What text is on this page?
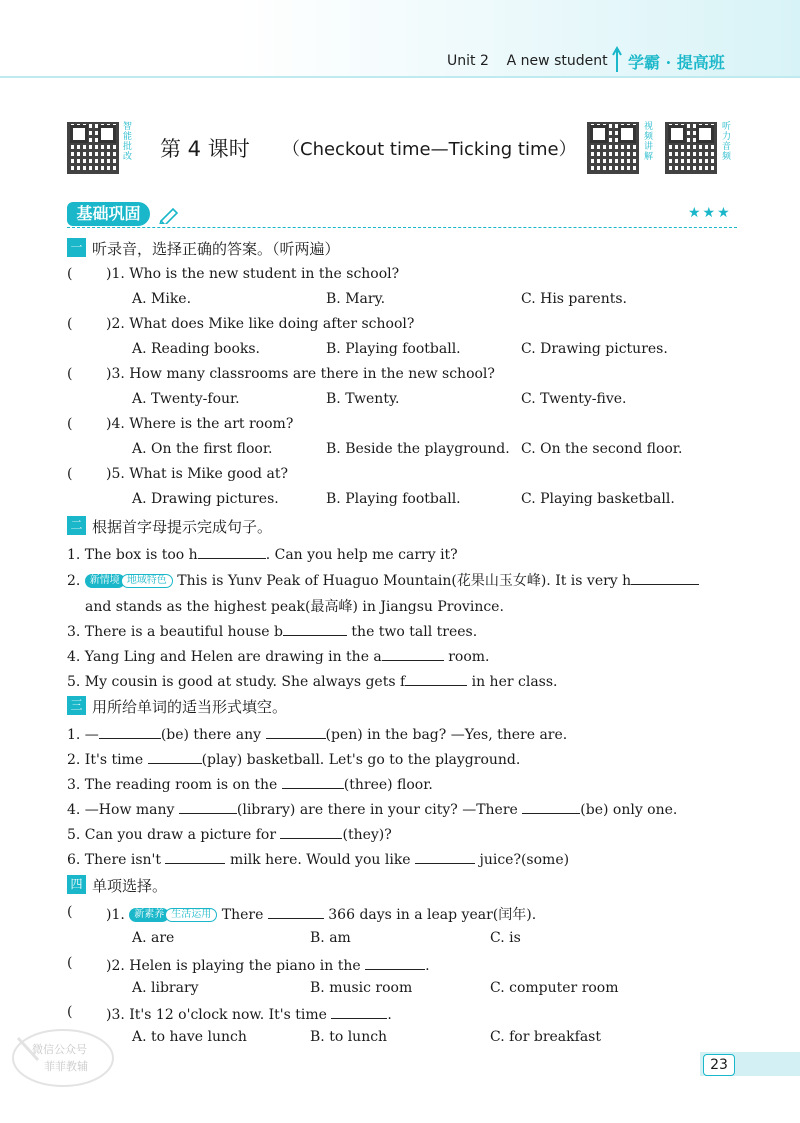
Unit 2    A new student 学霸 · 提高班
智能批改 第 4 课时 （Checkout time—Ticking time）
视频讲解
听力音频
基础巩固	★★★
一 听录音，选择正确的答案。（听两遍）
( )1. Who is the new student in the school?
A. Mike.	B. Mary.	C. His parents.
( )2. What does Mike like doing after school?
A. Reading books.	B. Playing football.	C. Drawing pictures.
( )3. How many classrooms are there in the new school?
A. Twenty-four.	B. Twenty.	C. Twenty-five.
( )4. Where is the art room?
A. On the first floor.	B. Beside the playground. C. On the second floor.
( )5. What is Mike good at?
A. Drawing pictures.	B. Playing football.	C. Playing basketball.
二 根据首字母提示完成句子。
1. The box is too h	. Can you help me carry it?
2. 新情境 地域特色 This is Yunv Peak of Huaguo Mountain(花果山玉女峰). It is very h
and stands as the highest peak(最高峰) in Jiangsu Province.
3. There is a beautiful house b	the two tall trees.
4. Yang Ling and Helen are drawing in the a	room.
5. My cousin is good at study. She always gets f	in her class.
三 用所给单词的适当形式填空。
1. —	(be) there any	(pen) in the bag? —Yes, there are.
2. It's time	(play) basketball. Let's go to the playground.
3. The reading room is on the	(three) floor.
4. —How many	(library) are there in your city? —There	(be) only one.
5. Can you draw a picture for	(they)?
6. There isn't	milk here. Would you like	juice?(some)
四 单项选择。
( )1. 新素养 生活运用 There	366 days in a leap year(闰年).
A. are	B. am	C. is
( )2. Helen is playing the piano in the	.
A. library	B. music room	C. computer room
( )3. It's 12 o'clock now. It's time	.
A. to have lunch	B. to lunch	C. for breakfast
微信公众号
菲菲教辅	23
